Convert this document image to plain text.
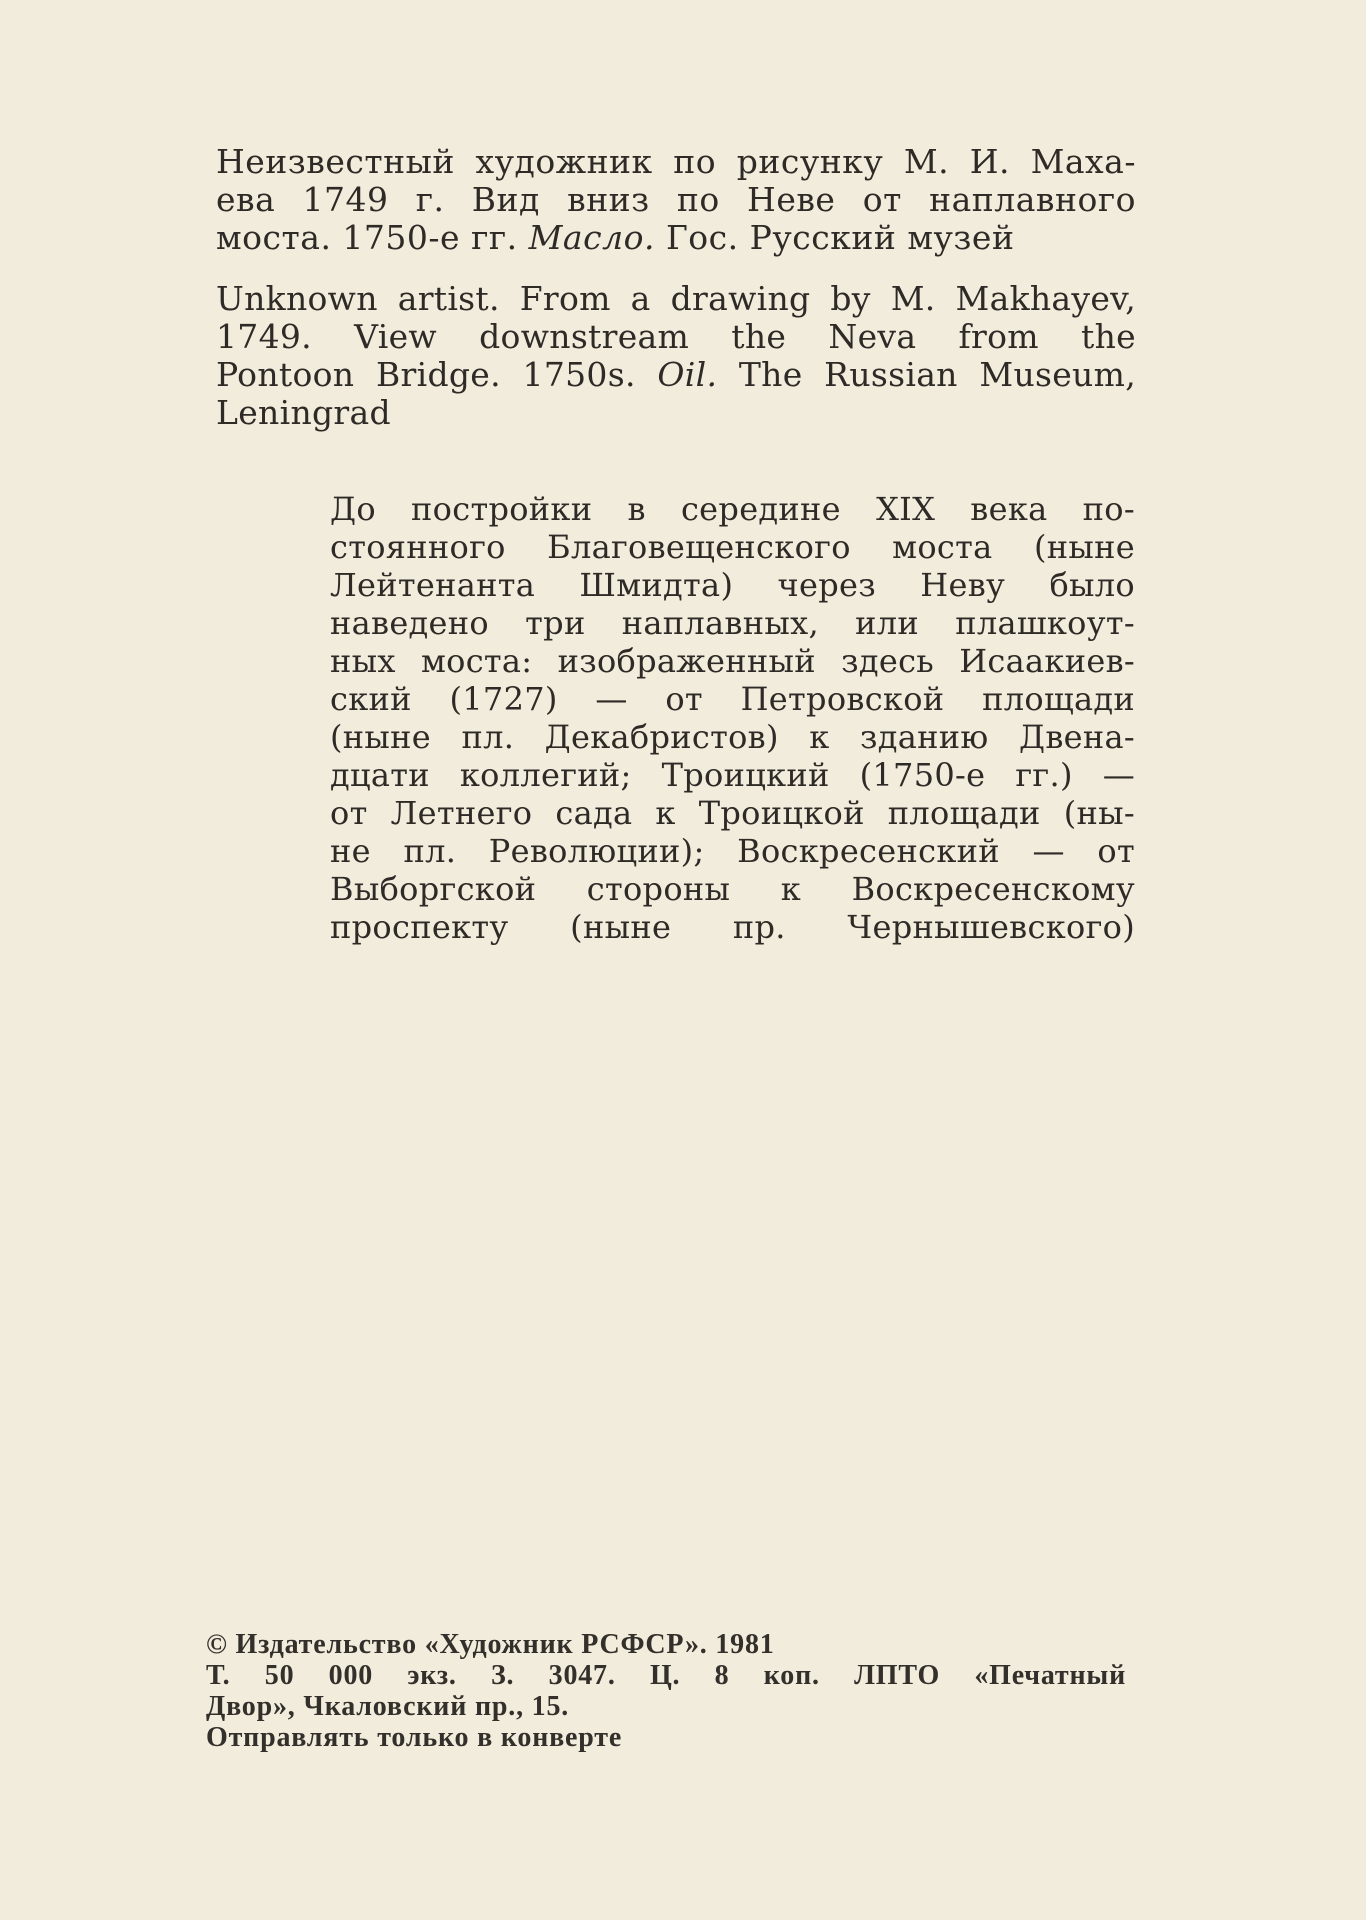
Неизвестный художник по рисунку М. И. Маха-
ева 1749 г. Вид вниз по Неве от наплавного
моста. 1750-е гг. Масло. Гос. Русский музей
Unknown artist. From a drawing by M. Makhayev,
1749. View downstream the Neva from the
Pontoon Bridge. 1750s. Oil. The Russian Museum,
Leningrad
До постройки в середине XIX века по-
стоянного Благовещенского моста (ныне
Лейтенанта Шмидта) через Неву было
наведено три наплавных, или плашкоут-
ных моста: изображенный здесь Исаакиев-
ский (1727) — от Петровской площади
(ныне пл. Декабристов) к зданию Двена-
дцати коллегий; Троицкий (1750-е гг.) —
от Летнего сада к Троицкой площади (ны-
не пл. Революции); Воскресенский — от
Выборгской стороны к Воскресенскому
проспекту (ныне пр. Чернышевского)
© Издательство «Художник РСФСР». 1981
Т. 50 000 экз. З. 3047. Ц. 8 коп. ЛПТО «Печатный
Двор», Чкаловский пр., 15.
Отправлять только в конверте
